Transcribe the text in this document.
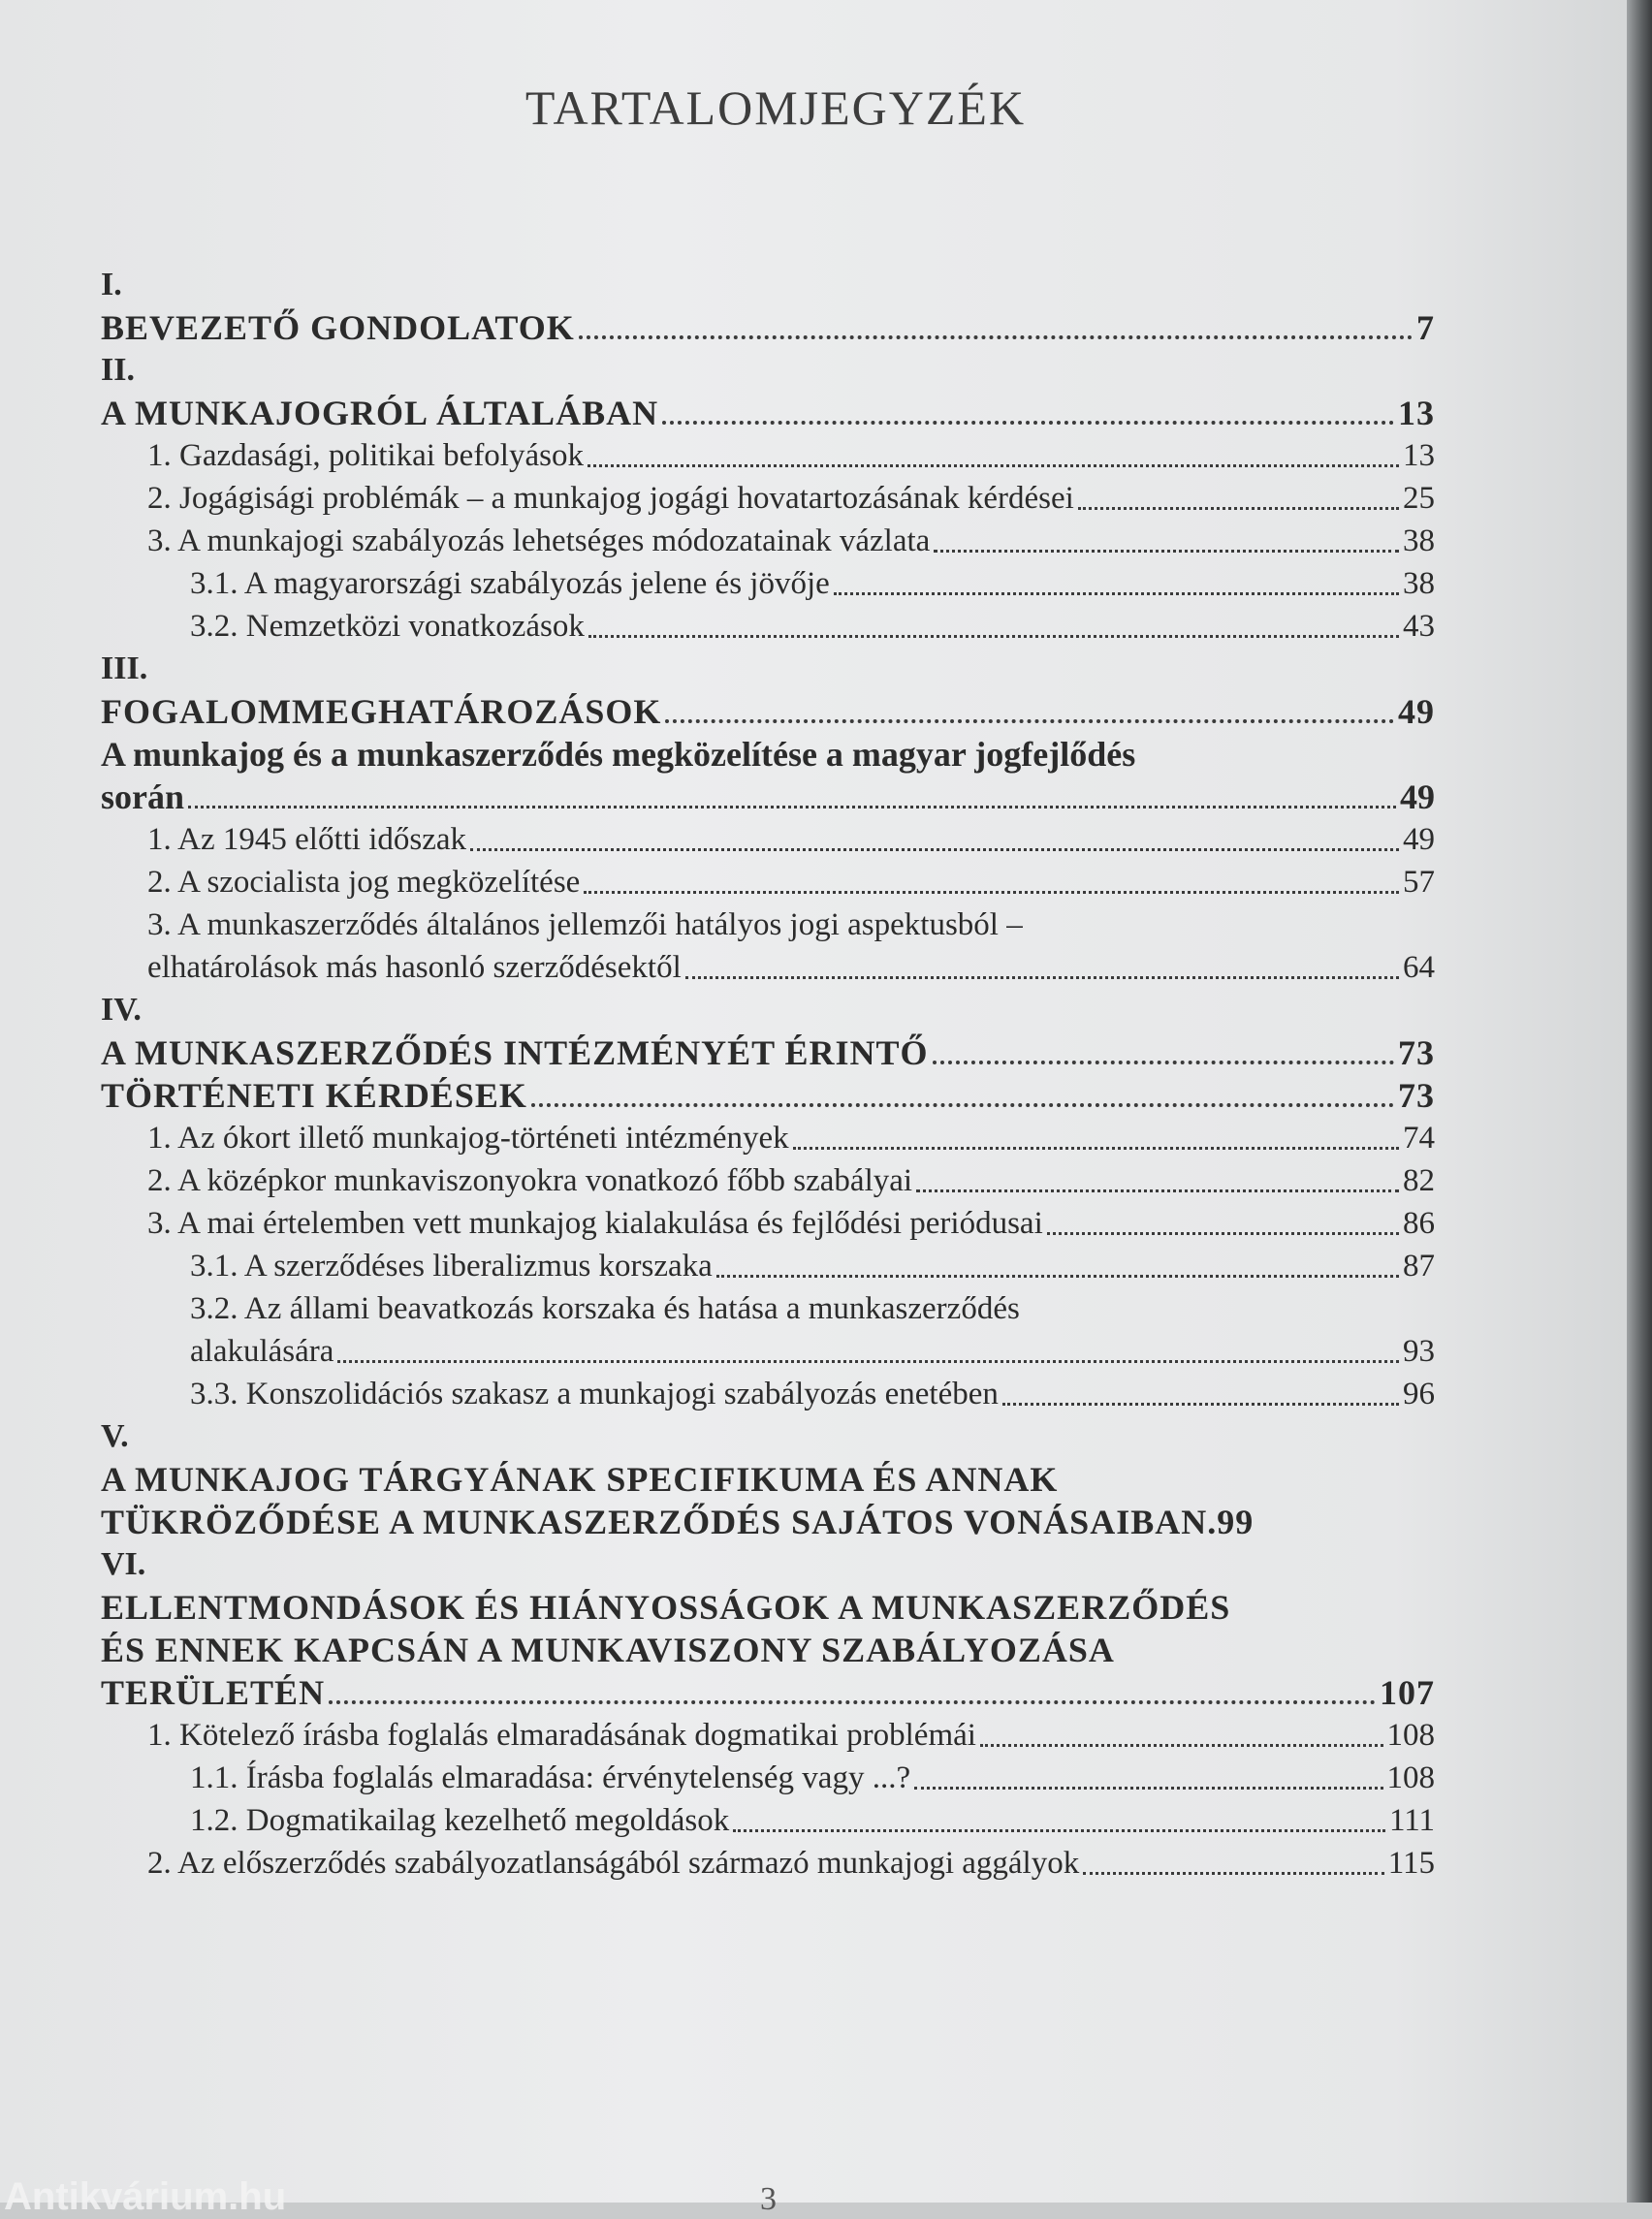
TARTALOMJEGYZÉK
I.
BEVEZETŐ GONDOLATOK	7
II.
A MUNKAJOGRÓL ÁLTALÁBAN	13
1. Gazdasági, politikai befolyások	13
2. Jogágisági problémák – a munkajog jogági hovatartozásának kérdései	25
3. A munkajogi szabályozás lehetséges módozatainak vázlata	38
3.1. A magyarországi szabályozás jelene és jövője	38
3.2. Nemzetközi vonatkozások	43
III.
FOGALOMMEGHATÁROZÁSOK	49
A munkajog és a munkaszerződés megközelítése a magyar jogfejlődés
során	49
1. Az 1945 előtti időszak	49
2. A szocialista jog megközelítése	57
3. A munkaszerződés általános jellemzői hatályos jogi aspektusból –
elhatárolások más hasonló szerződésektől	64
IV.
A MUNKASZERZŐDÉS INTÉZMÉNYÉT ÉRINTŐ	73
TÖRTÉNETI KÉRDÉSEK	73
1. Az ókort illető munkajog-történeti intézmények	74
2. A középkor munkaviszonyokra vonatkozó főbb szabályai	82
3. A mai értelemben vett munkajog kialakulása és fejlődési periódusai	86
3.1. A szerződéses liberalizmus korszaka	87
3.2. Az állami beavatkozás korszaka és hatása a munkaszerződés
alakulására	93
3.3. Konszolidációs szakasz a munkajogi szabályozás enetében	96
V.
A MUNKAJOG TÁRGYÁNAK SPECIFIKUMA ÉS ANNAK
TÜKRÖZŐDÉSE A MUNKASZERZŐDÉS SAJÁTOS VONÁSAIBAN.99
VI.
ELLENTMONDÁSOK ÉS HIÁNYOSSÁGOK A MUNKASZERZŐDÉS
ÉS ENNEK KAPCSÁN A MUNKAVISZONY SZABÁLYOZÁSA
TERÜLETÉN	107
1. Kötelező írásba foglalás elmaradásának dogmatikai problémái	108
1.1. Írásba foglalás elmaradása: érvénytelenség vagy ...?	108
1.2. Dogmatikailag kezelhető megoldások	111
2. Az előszerződés szabályozatlanságából származó munkajogi aggályok	115
3
Antikvárium.hu
